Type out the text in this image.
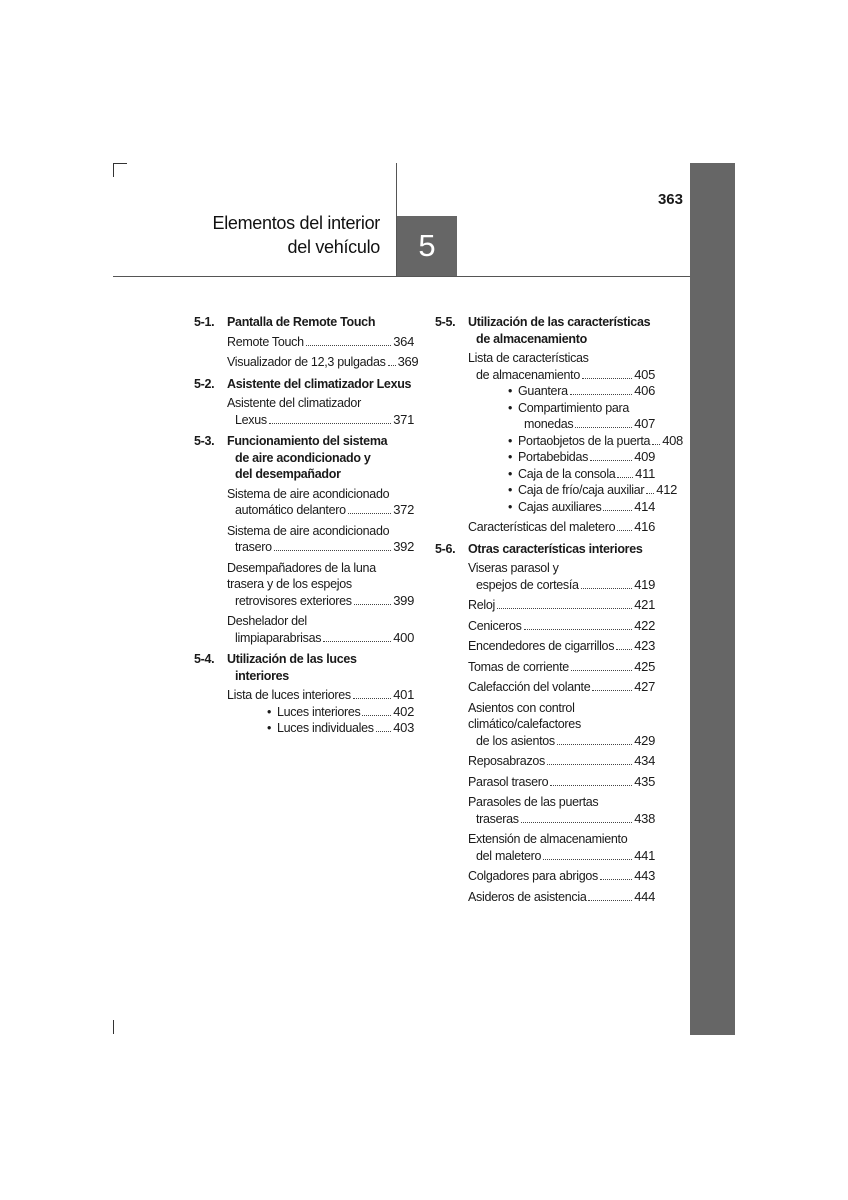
363
Elementos del interior
del vehículo	5
5-1.	Pantalla de Remote Touch
Remote Touch	364
Visualizador de 12,3 pulgadas 369
5-2.	Asistente del climatizador Lexus
Asistente del climatizador
Lexus	371
5-3.	Funcionamiento del sistema
de aire acondicionado y
del desempañador
Sistema de aire acondicionado
automático delantero	372
Sistema de aire acondicionado
trasero	392
Desempañadores de la luna
trasera y de los espejos
retrovisores exteriores	399
Deshelador del
limpiaparabrisas	400
5-4.	Utilización de las luces
interiores
Lista de luces interiores	401
• Luces interiores	402
• Luces individuales 403
5-5.	Utilización de las características
de almacenamiento
Lista de características
de almacenamiento	405
• Guantera	406
• Compartimiento para
monedas	407
• Portaobjetos de la puerta 408
• Portabebidas	409
• Caja de la consola 411
• Caja de frío/caja auxiliar 412
• Cajas auxiliares	414
Características del maletero 416
5-6.	Otras características interiores
Viseras parasol y
espejos de cortesía	419
Reloj	421
Ceniceros	422
Encendedores de cigarrillos 423
Tomas de corriente	425
Calefacción del volante	427
Asientos con control
climático/calefactores
de los asientos	429
Reposabrazos	434
Parasol trasero	435
Parasoles de las puertas
traseras	438
Extensión de almacenamiento
del maletero	441
Colgadores para abrigos	443
Asideros de asistencia	444
